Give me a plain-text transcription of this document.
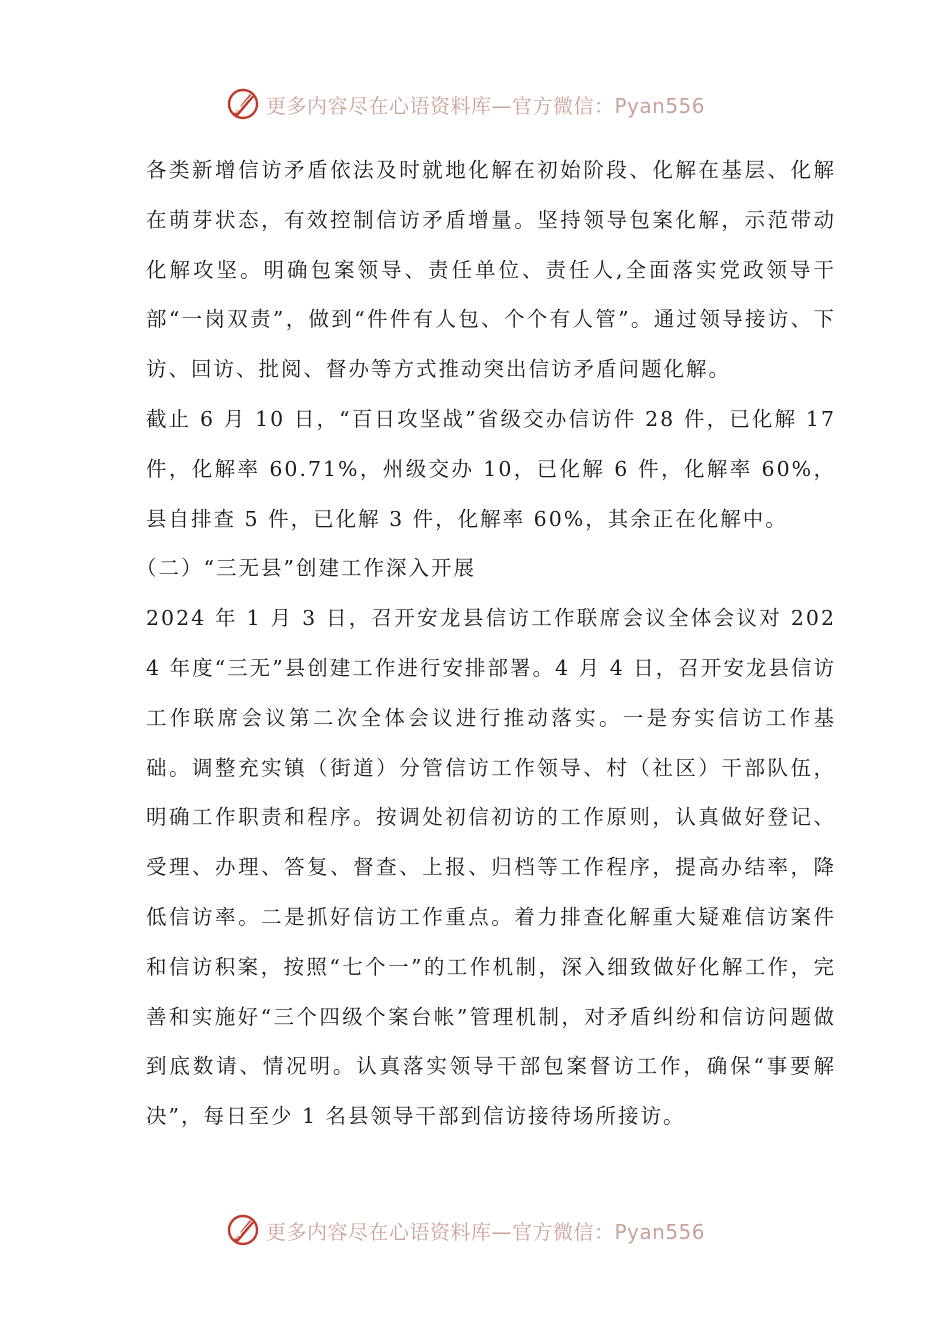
更多内容尽在心语资料库—官方微信：Pyan556

各类新增信访矛盾依法及时就地化解在初始阶段、化解在基层、化解在萌芽状态，有效控制信访矛盾增量。坚持领导包案化解，示范带动化解攻坚。明确包案领导、责任单位、责任人,全面落实党政领导干部“一岗双责”，做到“件件有人包、个个有人管”。通过领导接访、下访、回访、批阅、督办等方式推动突出信访矛盾问题化解。

截止 6 月 10 日，“百日攻坚战”省级交办信访件 28 件，已化解 17 件，化解率 60.71%，州级交办 10，已化解 6 件，化解率 60%，县自排查 5 件，已化解 3 件，化解率 60%，其余正在化解中。

（二）“三无县”创建工作深入开展

2024 年 1 月 3 日，召开安龙县信访工作联席会议全体会议对 2024 年度“三无”县创建工作进行安排部署。4 月 4 日，召开安龙县信访工作联席会议第二次全体会议进行推动落实。一是夯实信访工作基础。调整充实镇（街道）分管信访工作领导、村（社区）干部队伍，明确工作职责和程序。按调处初信初访的工作原则，认真做好登记、受理、办理、答复、督查、上报、归档等工作程序，提高办结率，降低信访率。二是抓好信访工作重点。着力排查化解重大疑难信访案件和信访积案，按照“七个一”的工作机制，深入细致做好化解工作，完善和实施好“三个四级个案台帐”管理机制，对矛盾纠纷和信访问题做到底数请、情况明。认真落实领导干部包案督访工作，确保“事要解决”，每日至少 1 名县领导干部到信访接待场所接访。

更多内容尽在心语资料库—官方微信：Pyan556
